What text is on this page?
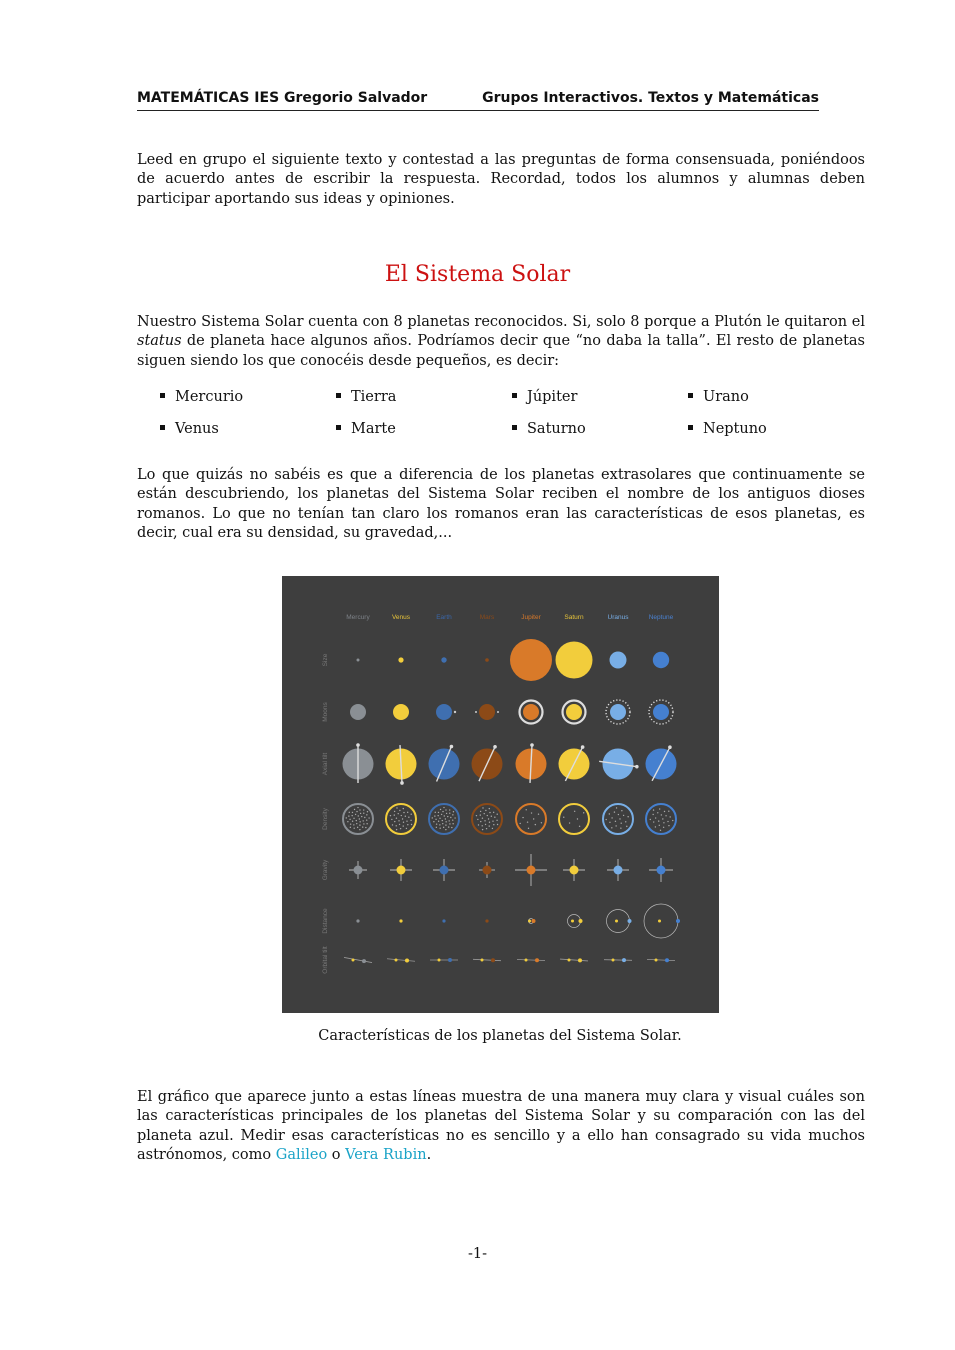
MATEMÁTICAS IES Gregorio Salvador	Grupos Interactivos. Textos y Matemáticas

Leed en grupo el siguiente texto y contestad a las preguntas de forma consensuada, poniéndoos de acuerdo antes de escribir la respuesta. Recordad, todos los alumnos y alumnas deben participar aportando sus ideas y opiniones.

El Sistema Solar

Nuestro Sistema Solar cuenta con 8 planetas reconocidos. Si, solo 8 porque a Plutón le quitaron el status de planeta hace algunos años. Podríamos decir que “no daba la talla”. El resto de planetas siguen siendo los que conocéis desde pequeños, es decir:

Mercurio	Tierra	Júpiter	Urano
Venus	Marte	Saturno	Neptuno

Lo que quizás no sabéis es que a diferencia de los planetas extrasolares que continuamente se están descubriendo, los planetas del Sistema Solar reciben el nombre de los antiguos dioses romanos. Lo que no tenían tan claro los romanos eran las características de esos planetas, es decir, cual era su densidad, su gravedad,...

Mercury	Venus	Earth	Mars	Jupiter	Saturn	Uranus	Neptune
Size
Moons
Axial tilt
Density
Gravity
Distance
Orbital tilt
Características de los planetas del Sistema Solar.

El gráfico que aparece junto a estas líneas muestra de una manera muy clara y visual cuáles son las características principales de los planetas del Sistema Solar y su comparación con las del planeta azul. Medir esas características no es sencillo y a ello han consagrado su vida muchos astrónomos, como Galileo o Vera Rubin.

-1-
